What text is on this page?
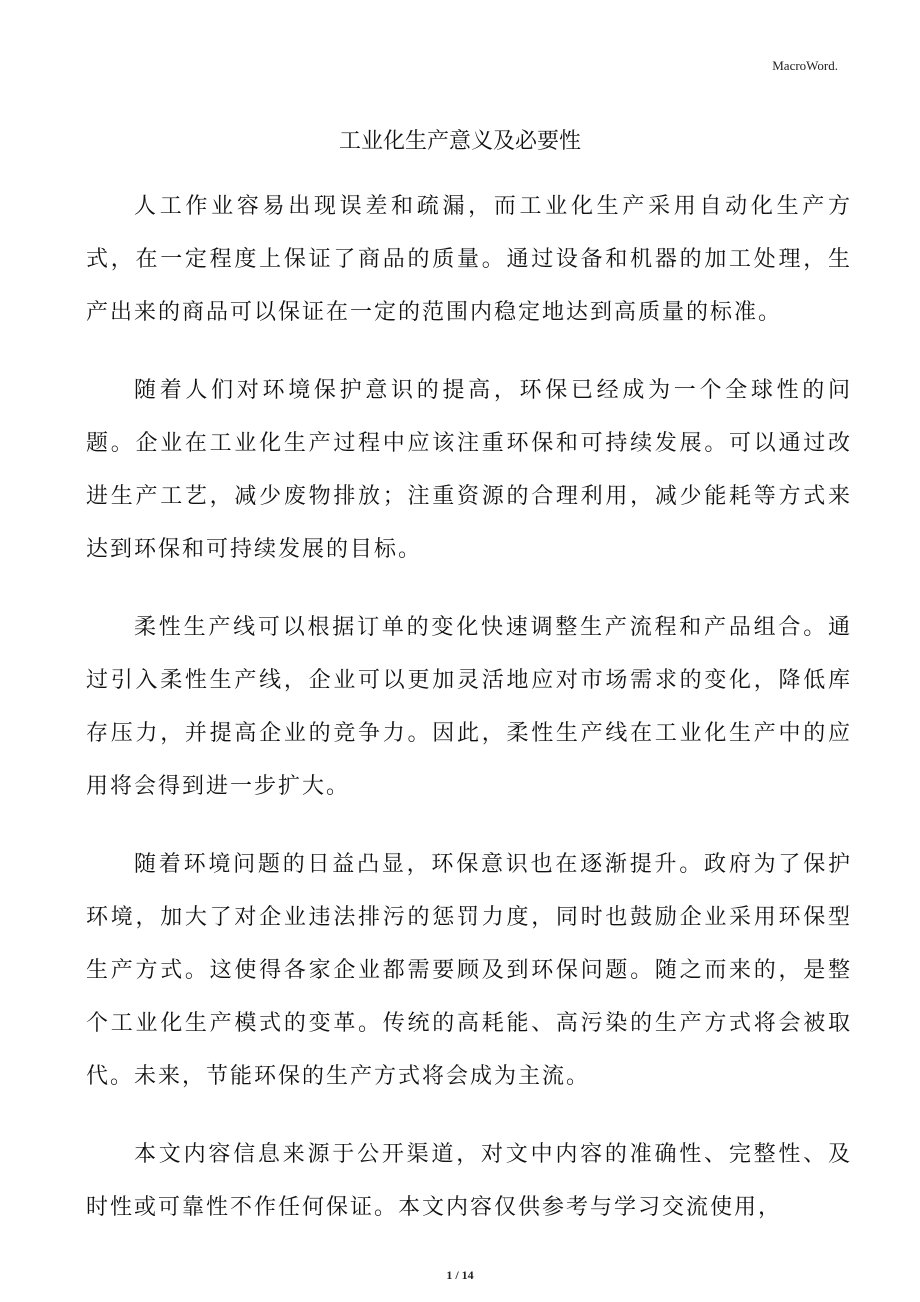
MacroWord.
工业化生产意义及必要性

人工作业容易出现误差和疏漏，而工业化生产采用自动化生产方式，在一定程度上保证了商品的质量。通过设备和机器的加工处理，生产出来的商品可以保证在一定的范围内稳定地达到高质量的标准。

随着人们对环境保护意识的提高，环保已经成为一个全球性的问题。企业在工业化生产过程中应该注重环保和可持续发展。可以通过改进生产工艺，减少废物排放；注重资源的合理利用，减少能耗等方式来达到环保和可持续发展的目标。

柔性生产线可以根据订单的变化快速调整生产流程和产品组合。通过引入柔性生产线，企业可以更加灵活地应对市场需求的变化，降低库存压力，并提高企业的竞争力。因此，柔性生产线在工业化生产中的应用将会得到进一步扩大。

随着环境问题的日益凸显，环保意识也在逐渐提升。政府为了保护环境，加大了对企业违法排污的惩罚力度，同时也鼓励企业采用环保型生产方式。这使得各家企业都需要顾及到环保问题。随之而来的，是整个工业化生产模式的变革。传统的高耗能、高污染的生产方式将会被取代。未来，节能环保的生产方式将会成为主流。

本文内容信息来源于公开渠道，对文中内容的准确性、完整性、及时性或可靠性不作任何保证。本文内容仅供参考与学习交流使用，

1 / 14
